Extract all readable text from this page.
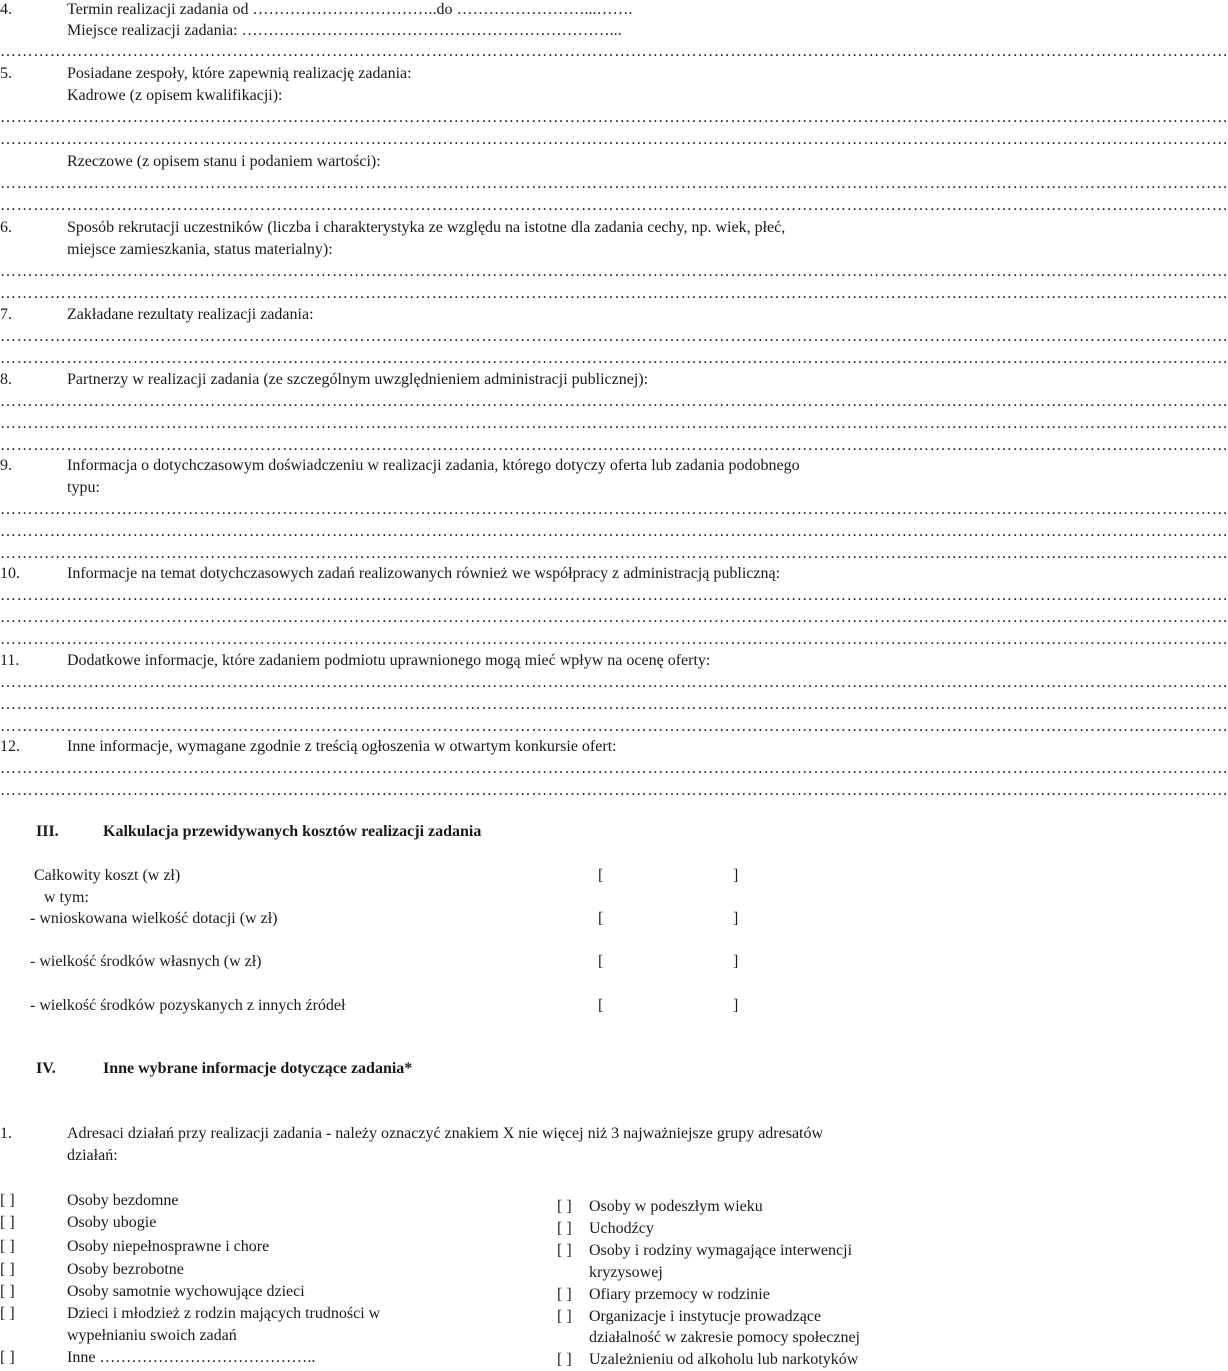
4.	Termin realizacji zadania od ……………………………..do ……………………...…….
Miejsce realizacji zadania: ……………………………………………………………...
……………………………………………………………………………………………………………………………………………………………………………………………………
5.	Posiadane zespoły, które zapewnią realizację zadania:
Kadrowe (z opisem kwalifikacji):
……………………………………………………………………………………………………………………………………………………………………………………………………
……………………………………………………………………………………………………………………………………………………………………………………………………
Rzeczowe (z opisem stanu i podaniem wartości):
……………………………………………………………………………………………………………………………………………………………………………………………………
……………………………………………………………………………………………………………………………………………………………………………………………………
6.	Sposób rekrutacji uczestników (liczba i charakterystyka ze względu na istotne dla zadania cechy, np. wiek, płeć,
miejsce zamieszkania, status materialny):
……………………………………………………………………………………………………………………………………………………………………………………………………
……………………………………………………………………………………………………………………………………………………………………………………………………
7.	Zakładane rezultaty realizacji zadania:
……………………………………………………………………………………………………………………………………………………………………………………………………
……………………………………………………………………………………………………………………………………………………………………………………………………
8.	Partnerzy w realizacji zadania (ze szczególnym uwzględnieniem administracji publicznej):
……………………………………………………………………………………………………………………………………………………………………………………………………
……………………………………………………………………………………………………………………………………………………………………………………………………
……………………………………………………………………………………………………………………………………………………………………………………………………
9.	Informacja o dotychczasowym doświadczeniu w realizacji zadania, którego dotyczy oferta lub zadania podobnego
typu:
……………………………………………………………………………………………………………………………………………………………………………………………………
……………………………………………………………………………………………………………………………………………………………………………………………………
……………………………………………………………………………………………………………………………………………………………………………………………………
10.	Informacje na temat dotychczasowych zadań realizowanych również we współpracy z administracją publiczną:
……………………………………………………………………………………………………………………………………………………………………………………………………
……………………………………………………………………………………………………………………………………………………………………………………………………
……………………………………………………………………………………………………………………………………………………………………………………………………
11.	Dodatkowe informacje, które zadaniem podmiotu uprawnionego mogą mieć wpływ na ocenę oferty:
……………………………………………………………………………………………………………………………………………………………………………………………………
……………………………………………………………………………………………………………………………………………………………………………………………………
……………………………………………………………………………………………………………………………………………………………………………………………………
12.	Inne informacje, wymagane zgodnie z treścią ogłoszenia w otwartym konkursie ofert:
……………………………………………………………………………………………………………………………………………………………………………………………………
……………………………………………………………………………………………………………………………………………………………………………………………………
III.	Kalkulacja przewidywanych kosztów realizacji zadania
Całkowity koszt (w zł)	[	]
w tym:
- wnioskowana wielkość dotacji (w zł)	[	]
- wielkość środków własnych (w zł)	[	]
- wielkość środków pozyskanych z innych źródeł	[	]
IV.	Inne wybrane informacje dotyczące zadania*
1.	Adresaci działań przy realizacji zadania - należy oznaczyć znakiem X nie więcej niż 3 najważniejsze grupy adresatów
działań:
[ ]	Osoby bezdomne
[ ]	Osoby ubogie
[ ]	Osoby niepełnosprawne i chore
[ ]	Osoby bezrobotne
[ ]	Osoby samotnie wychowujące dzieci
[ ]	Dzieci i młodzież z rodzin mających trudności w
wypełnianiu swoich zadań
[ ]	Inne …………………………………..
[ ] Osoby w podeszłym wieku
[ ] Uchodźcy
[ ] Osoby i rodziny wymagające interwencji
kryzysowej
[ ] Ofiary przemocy w rodzinie
[ ] Organizacje i instytucje prowadzące
działalność w zakresie pomocy społecznej
[ ] Uzależnieniu od alkoholu lub narkotyków
